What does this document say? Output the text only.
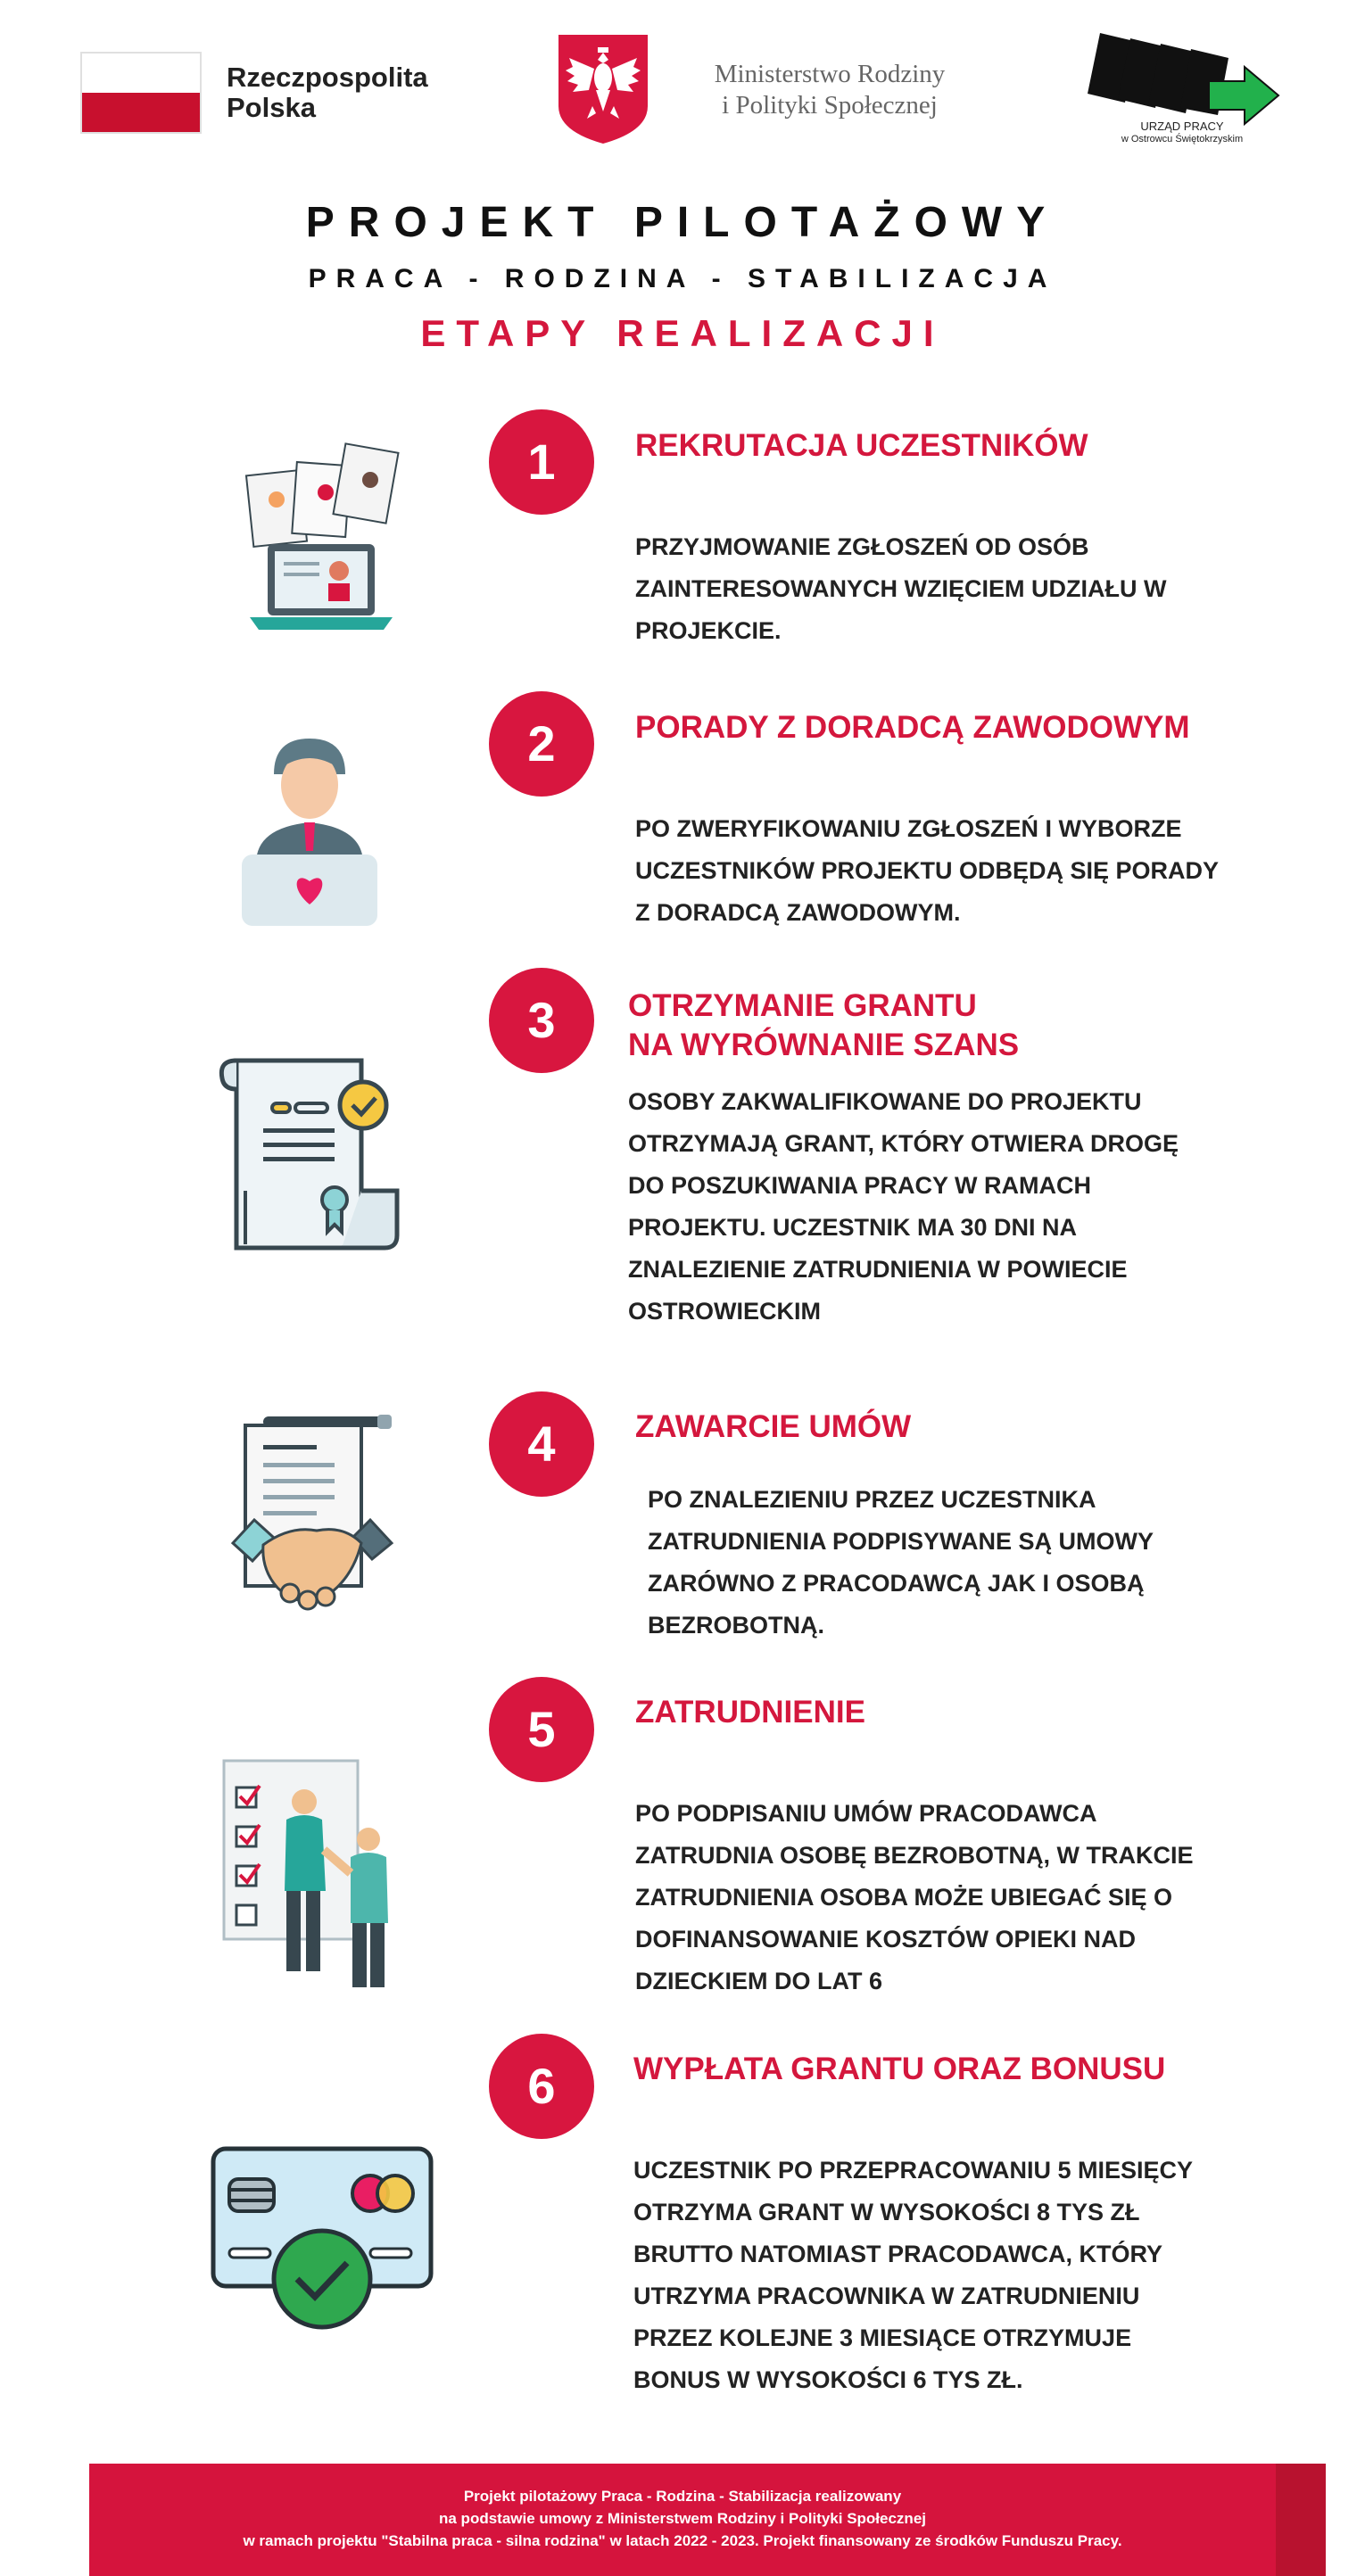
Rzeczpospolita
Polska
Ministerstwo Rodziny
i Polityki Społecznej
URZĄD PRACY
w Ostrowcu Świętokrzyskim
PROJEKT PILOTAŻOWY
PRACA - RODZINA - STABILIZACJA
ETAPY REALIZACJI
1	REKRUTACJA UCZESTNIKÓW
PRZYJMOWANIE ZGŁOSZEŃ OD OSÓB
ZAINTERESOWANYCH WZIĘCIEM UDZIAŁU W
PROJEKCIE.
2	PORADY Z DORADCĄ ZAWODOWYM
PO ZWERYFIKOWANIU ZGŁOSZEŃ I WYBORZE
UCZESTNIKÓW PROJEKTU ODBĘDĄ SIĘ PORADY
Z DORADCĄ ZAWODOWYM.
3	OTRZYMANIE GRANTU
NA WYRÓWNANIE SZANS
OSOBY ZAKWALIFIKOWANE DO PROJEKTU
OTRZYMAJĄ GRANT, KTÓRY OTWIERA DROGĘ
DO POSZUKIWANIA PRACY W RAMACH
PROJEKTU. UCZESTNIK MA 30 DNI NA
ZNALEZIENIE ZATRUDNIENIA W POWIECIE
OSTROWIECKIM
4	ZAWARCIE UMÓW
PO ZNALEZIENIU PRZEZ UCZESTNIKA
ZATRUDNIENIA PODPISYWANE SĄ UMOWY
ZARÓWNO Z PRACODAWCĄ JAK I OSOBĄ
BEZROBOTNĄ.
5	ZATRUDNIENIE
PO PODPISANIU UMÓW PRACODAWCA
ZATRUDNIA OSOBĘ BEZROBOTNĄ, W TRAKCIE
ZATRUDNIENIA OSOBA MOŻE UBIEGAĆ SIĘ O
DOFINANSOWANIE KOSZTÓW OPIEKI NAD
DZIECKIEM DO LAT 6
6	WYPŁATA GRANTU ORAZ BONUSU
UCZESTNIK PO PRZEPRACOWANIU 5 MIESIĘCY
OTRZYMA GRANT W WYSOKOŚCI 8 TYS ZŁ
BRUTTO NATOMIAST PRACODAWCA, KTÓRY
UTRZYMA PRACOWNIKA W ZATRUDNIENIU
PRZEZ KOLEJNE 3 MIESIĄCE OTRZYMUJE
BONUS W WYSOKOŚCI 6 TYS ZŁ.
Projekt pilotażowy Praca - Rodzina - Stabilizacja realizowany
na podstawie umowy z Ministerstwem Rodziny i Polityki Społecznej
w ramach projektu "Stabilna praca - silna rodzina" w latach 2022 - 2023. Projekt finansowany ze środków Funduszu Pracy.
